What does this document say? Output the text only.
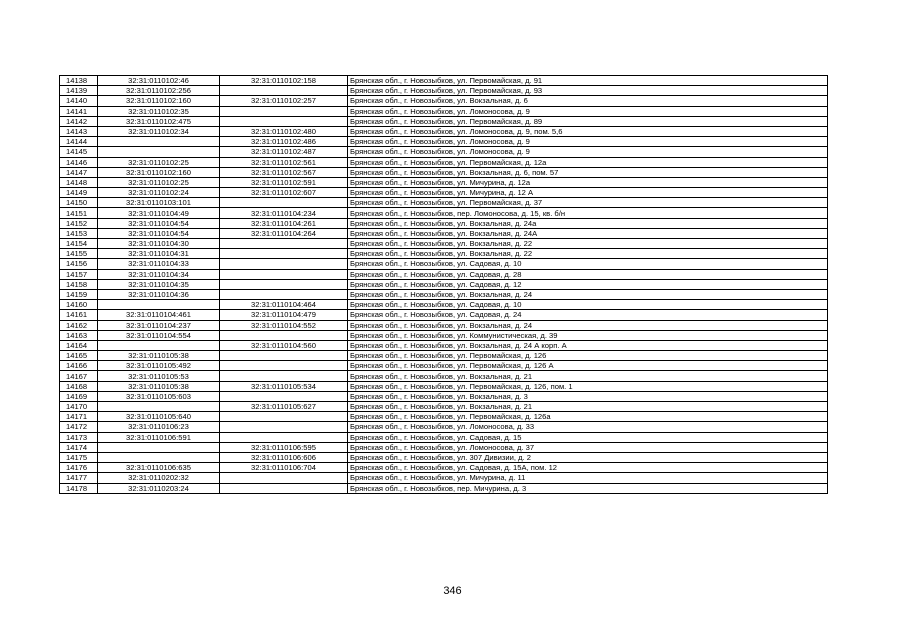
14138	32:31:0110102:46	32:31:0110102:158	Брянская обл., г. Новозыбков, ул. Первомайская, д. 91
14139	32:31:0110102:256		Брянская обл., г. Новозыбков, ул. Первомайская, д. 93
14140	32:31:0110102:160	32:31:0110102:257	Брянская обл., г. Новозыбков, ул. Вокзальная, д. 6
14141	32:31:0110102:35		Брянская обл., г. Новозыбков, ул. Ломоносова, д. 9
14142	32:31:0110102:475		Брянская обл., г. Новозыбков, ул. Первомайская, д. 89
14143	32:31:0110102:34	32:31:0110102:480	Брянская обл., г. Новозыбков, ул. Ломоносова, д. 9, пом. 5,6
14144		32:31:0110102:486	Брянская обл., г. Новозыбков, ул. Ломоносова, д. 9
14145		32:31:0110102:487	Брянская обл., г. Новозыбков, ул. Ломоносова, д. 9
14146	32:31:0110102:25	32:31:0110102:561	Брянская обл., г. Новозыбков, ул. Первомайская, д. 12а
14147	32:31:0110102:160	32:31:0110102:567	Брянская обл., г. Новозыбков, ул. Вокзальная, д. 6, пом. 57
14148	32:31:0110102:25	32:31:0110102:591	Брянская обл., г. Новозыбков, ул. Мичурина, д. 12а
14149	32:31:0110102:24	32:31:0110102:607	Брянская обл., г. Новозыбков, ул. Мичурина, д. 12 А
14150	32:31:0110103:101		Брянская обл., г. Новозыбков, ул. Первомайская, д. 37
14151	32:31:0110104:49	32:31:0110104:234	Брянская обл., г. Новозыбков, пер. Ломоносова, д. 15, кв. б/н
14152	32:31:0110104:54	32:31:0110104:261	Брянская обл., г. Новозыбков, ул. Вокзальная, д. 24а
14153	32:31:0110104:54	32:31:0110104:264	Брянская обл., г. Новозыбков, ул. Вокзальная, д. 24А
14154	32:31:0110104:30		Брянская обл., г. Новозыбков, ул. Вокзальная, д. 22
14155	32:31:0110104:31		Брянская обл., г. Новозыбков, ул. Вокзальная, д. 22
14156	32:31:0110104:33		Брянская обл., г. Новозыбков, ул. Садовая, д. 10
14157	32:31:0110104:34		Брянская обл., г. Новозыбков, ул. Садовая, д. 28
14158	32:31:0110104:35		Брянская обл., г. Новозыбков, ул. Садовая, д. 12
14159	32:31:0110104:36		Брянская обл., г. Новозыбков, ул. Вокзальная, д. 24
14160		32:31:0110104:464	Брянская обл., г. Новозыбков, ул. Садовая, д. 10
14161	32:31:0110104:461	32:31:0110104:479	Брянская обл., г. Новозыбков, ул. Садовая, д. 24
14162	32:31:0110104:237	32:31:0110104:552	Брянская обл., г. Новозыбков, ул. Вокзальная, д. 24
14163	32:31:0110104:554		Брянская обл., г. Новозыбков, ул. Коммунистическая, д. 39
14164		32:31:0110104:560	Брянская обл., г. Новозыбков, ул. Вокзальная, д. 24 А корп. А
14165	32:31:0110105:38		Брянская обл., г. Новозыбков, ул. Первомайская, д. 126
14166	32:31:0110105:492		Брянская обл., г. Новозыбков, ул. Первомайская, д. 126 А
14167	32:31:0110105:53		Брянская обл., г. Новозыбков, ул. Вокзальная, д. 21
14168	32:31:0110105:38	32:31:0110105:534	Брянская обл., г. Новозыбков, ул. Первомайская, д. 126, пом. 1
14169	32:31:0110105:603		Брянская обл., г. Новозыбков, ул. Вокзальная, д. 3
14170		32:31:0110105:627	Брянская обл., г. Новозыбков, ул. Вокзальная, д. 21
14171	32:31:0110105:640		Брянская обл., г. Новозыбков, ул. Первомайская, д. 126а
14172	32:31:0110106:23		Брянская обл., г. Новозыбков, ул. Ломоносова, д. 33
14173	32:31:0110106:591		Брянская обл., г. Новозыбков, ул. Садовая, д. 15
14174		32:31:0110106:595	Брянская обл., г. Новозыбков, ул. Ломоносова, д. 37
14175		32:31:0110106:606	Брянская обл., г. Новозыбков, ул. 307 Дивизии, д. 2
14176	32:31:0110106:635	32:31:0110106:704	Брянская обл., г. Новозыбков, ул. Садовая, д. 15А, пом. 12
14177	32:31:0110202:32		Брянская обл., г. Новозыбков, ул. Мичурина, д. 11
14178	32:31:0110203:24		Брянская обл., г. Новозыбков, пер. Мичурина, д. 3
346
